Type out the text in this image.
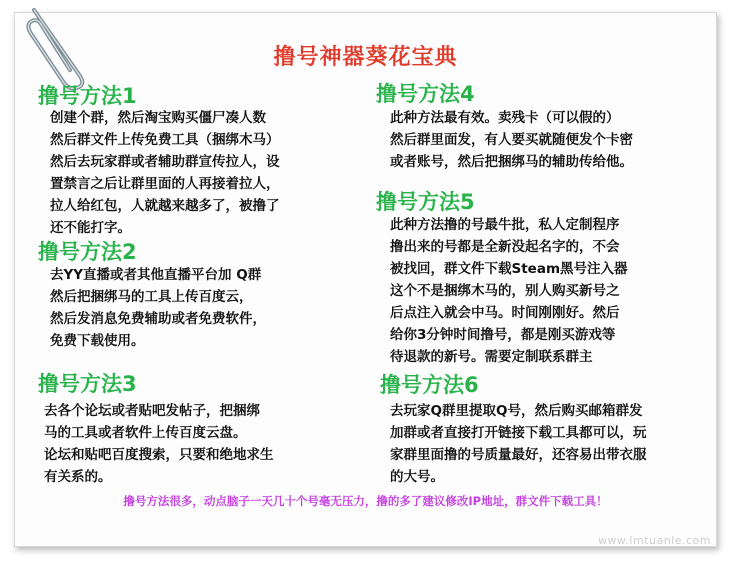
撸号神器葵花宝典
撸号方法1
创建个群，然后淘宝购买僵尸凑人数
然后群文件上传免费工具（捆绑木马）
然后去玩家群或者辅助群宣传拉人，设
置禁言之后让群里面的人再接着拉人，
拉人给红包，人就越来越多了，被撸了
还不能打字。
撸号方法2
去YY直播或者其他直播平台加 Q群
然后把捆绑马的工具上传百度云，
然后发消息免费辅助或者免费软件，
免费下载使用。
撸号方法3
去各个论坛或者贴吧发帖子，把捆绑
马的工具或者软件上传百度云盘。
论坛和贴吧百度搜索，只要和绝地求生
有关系的。
撸号方法4
此种方法最有效。卖残卡（可以假的）
然后群里面发，有人要买就随便发个卡密
或者账号，然后把捆绑马的辅助传给他。
撸号方法5
此种方法撸的号最牛批，私人定制程序
撸出来的号都是全新没起名字的，不会
被找回，群文件下载Steam黑号注入器
这个不是捆绑木马的，别人购买新号之
后点注入就会中马。时间刚刚好。然后
给你3分钟时间撸号，都是刚买游戏等
待退款的新号。需要定制联系群主
撸号方法6
去玩家Q群里提取Q号，然后购买邮箱群发
加群或者直接打开链接下载工具都可以，玩
家群里面撸的号质量最好，还容易出带衣服
的大号。
撸号方法很多，动点脑子一天几十个号毫无压力，撸的多了建议修改IP地址，群文件下载工具！
www.lmtuanle.com
